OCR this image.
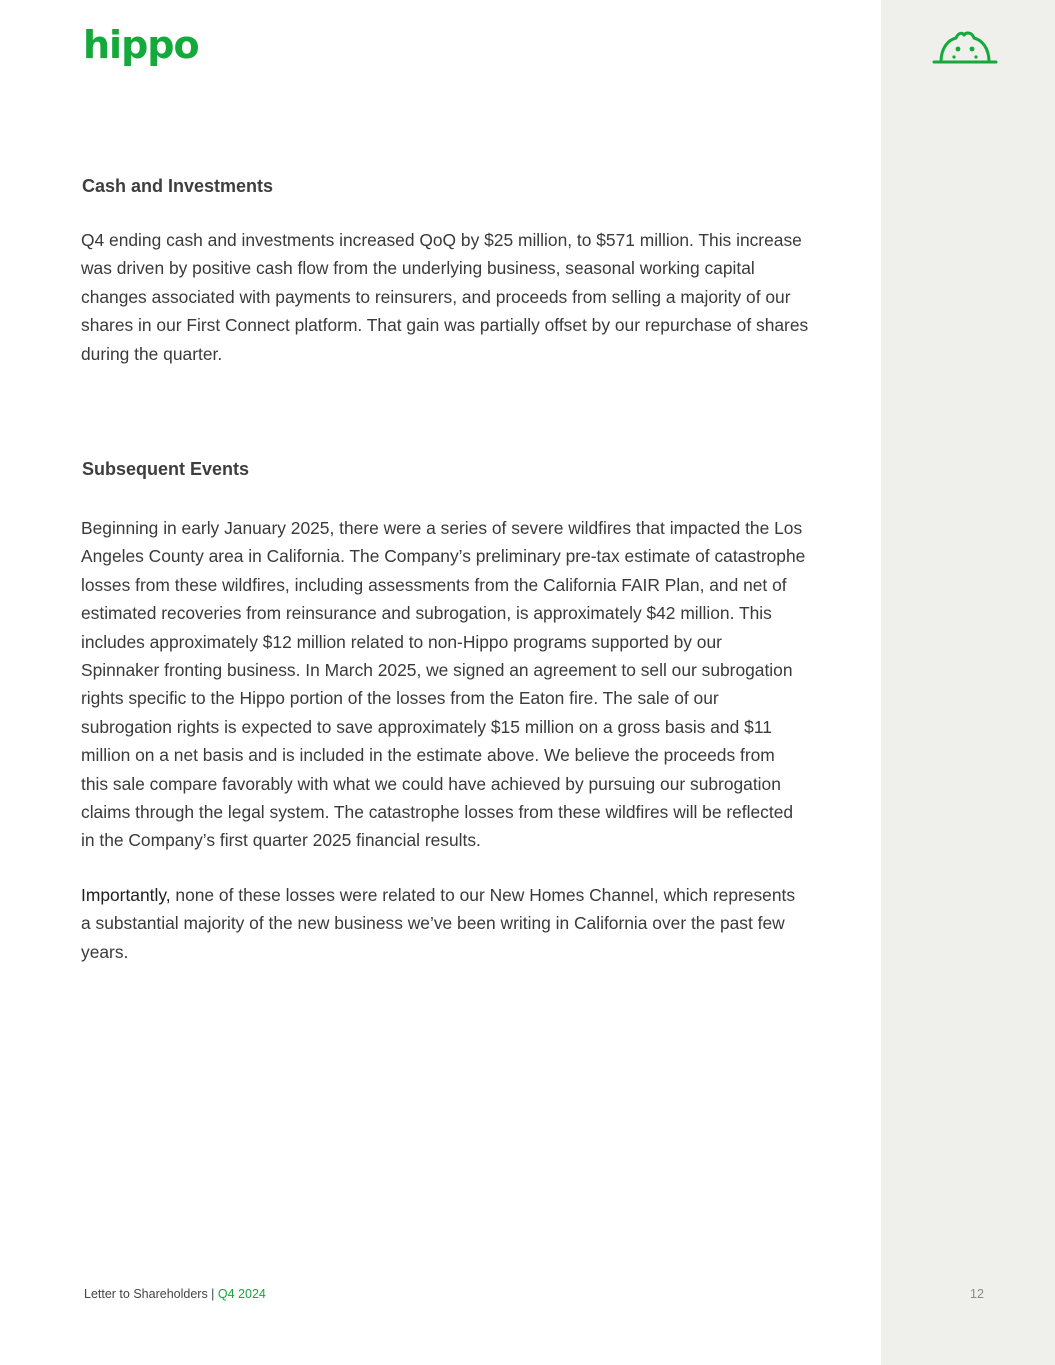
hippo
Cash and Investments

Q4 ending cash and investments increased QoQ by $25 million, to $571 million. This increase

was driven by positive cash flow from the underlying business, seasonal working capital

changes associated with payments to reinsurers, and proceeds from selling a majority of our

shares in our First Connect platform. That gain was partially offset by our repurchase of shares

during the quarter.

Subsequent Events

Beginning in early January 2025, there were a series of severe wildfires that impacted the Los

Angeles County area in California. The Company’s preliminary pre-tax estimate of catastrophe

losses from these wildfires, including assessments from the California FAIR Plan, and net of

estimated recoveries from reinsurance and subrogation, is approximately $42 million. This

includes approximately $12 million related to non-Hippo programs supported by our

Spinnaker fronting business. In March 2025, we signed an agreement to sell our subrogation

rights specific to the Hippo portion of the losses from the Eaton fire. The sale of our

subrogation rights is expected to save approximately $15 million on a gross basis and $11

million on a net basis and is included in the estimate above. We believe the proceeds from

this sale compare favorably with what we could have achieved by pursuing our subrogation

claims through the legal system. The catastrophe losses from these wildfires will be reflected

in the Company’s first quarter 2025 financial results.

Importantly, none of these losses were related to our New Homes Channel, which represents

a substantial majority of the new business we’ve been writing in California over the past few

years.

Letter to Shareholders | Q4 2024	12
